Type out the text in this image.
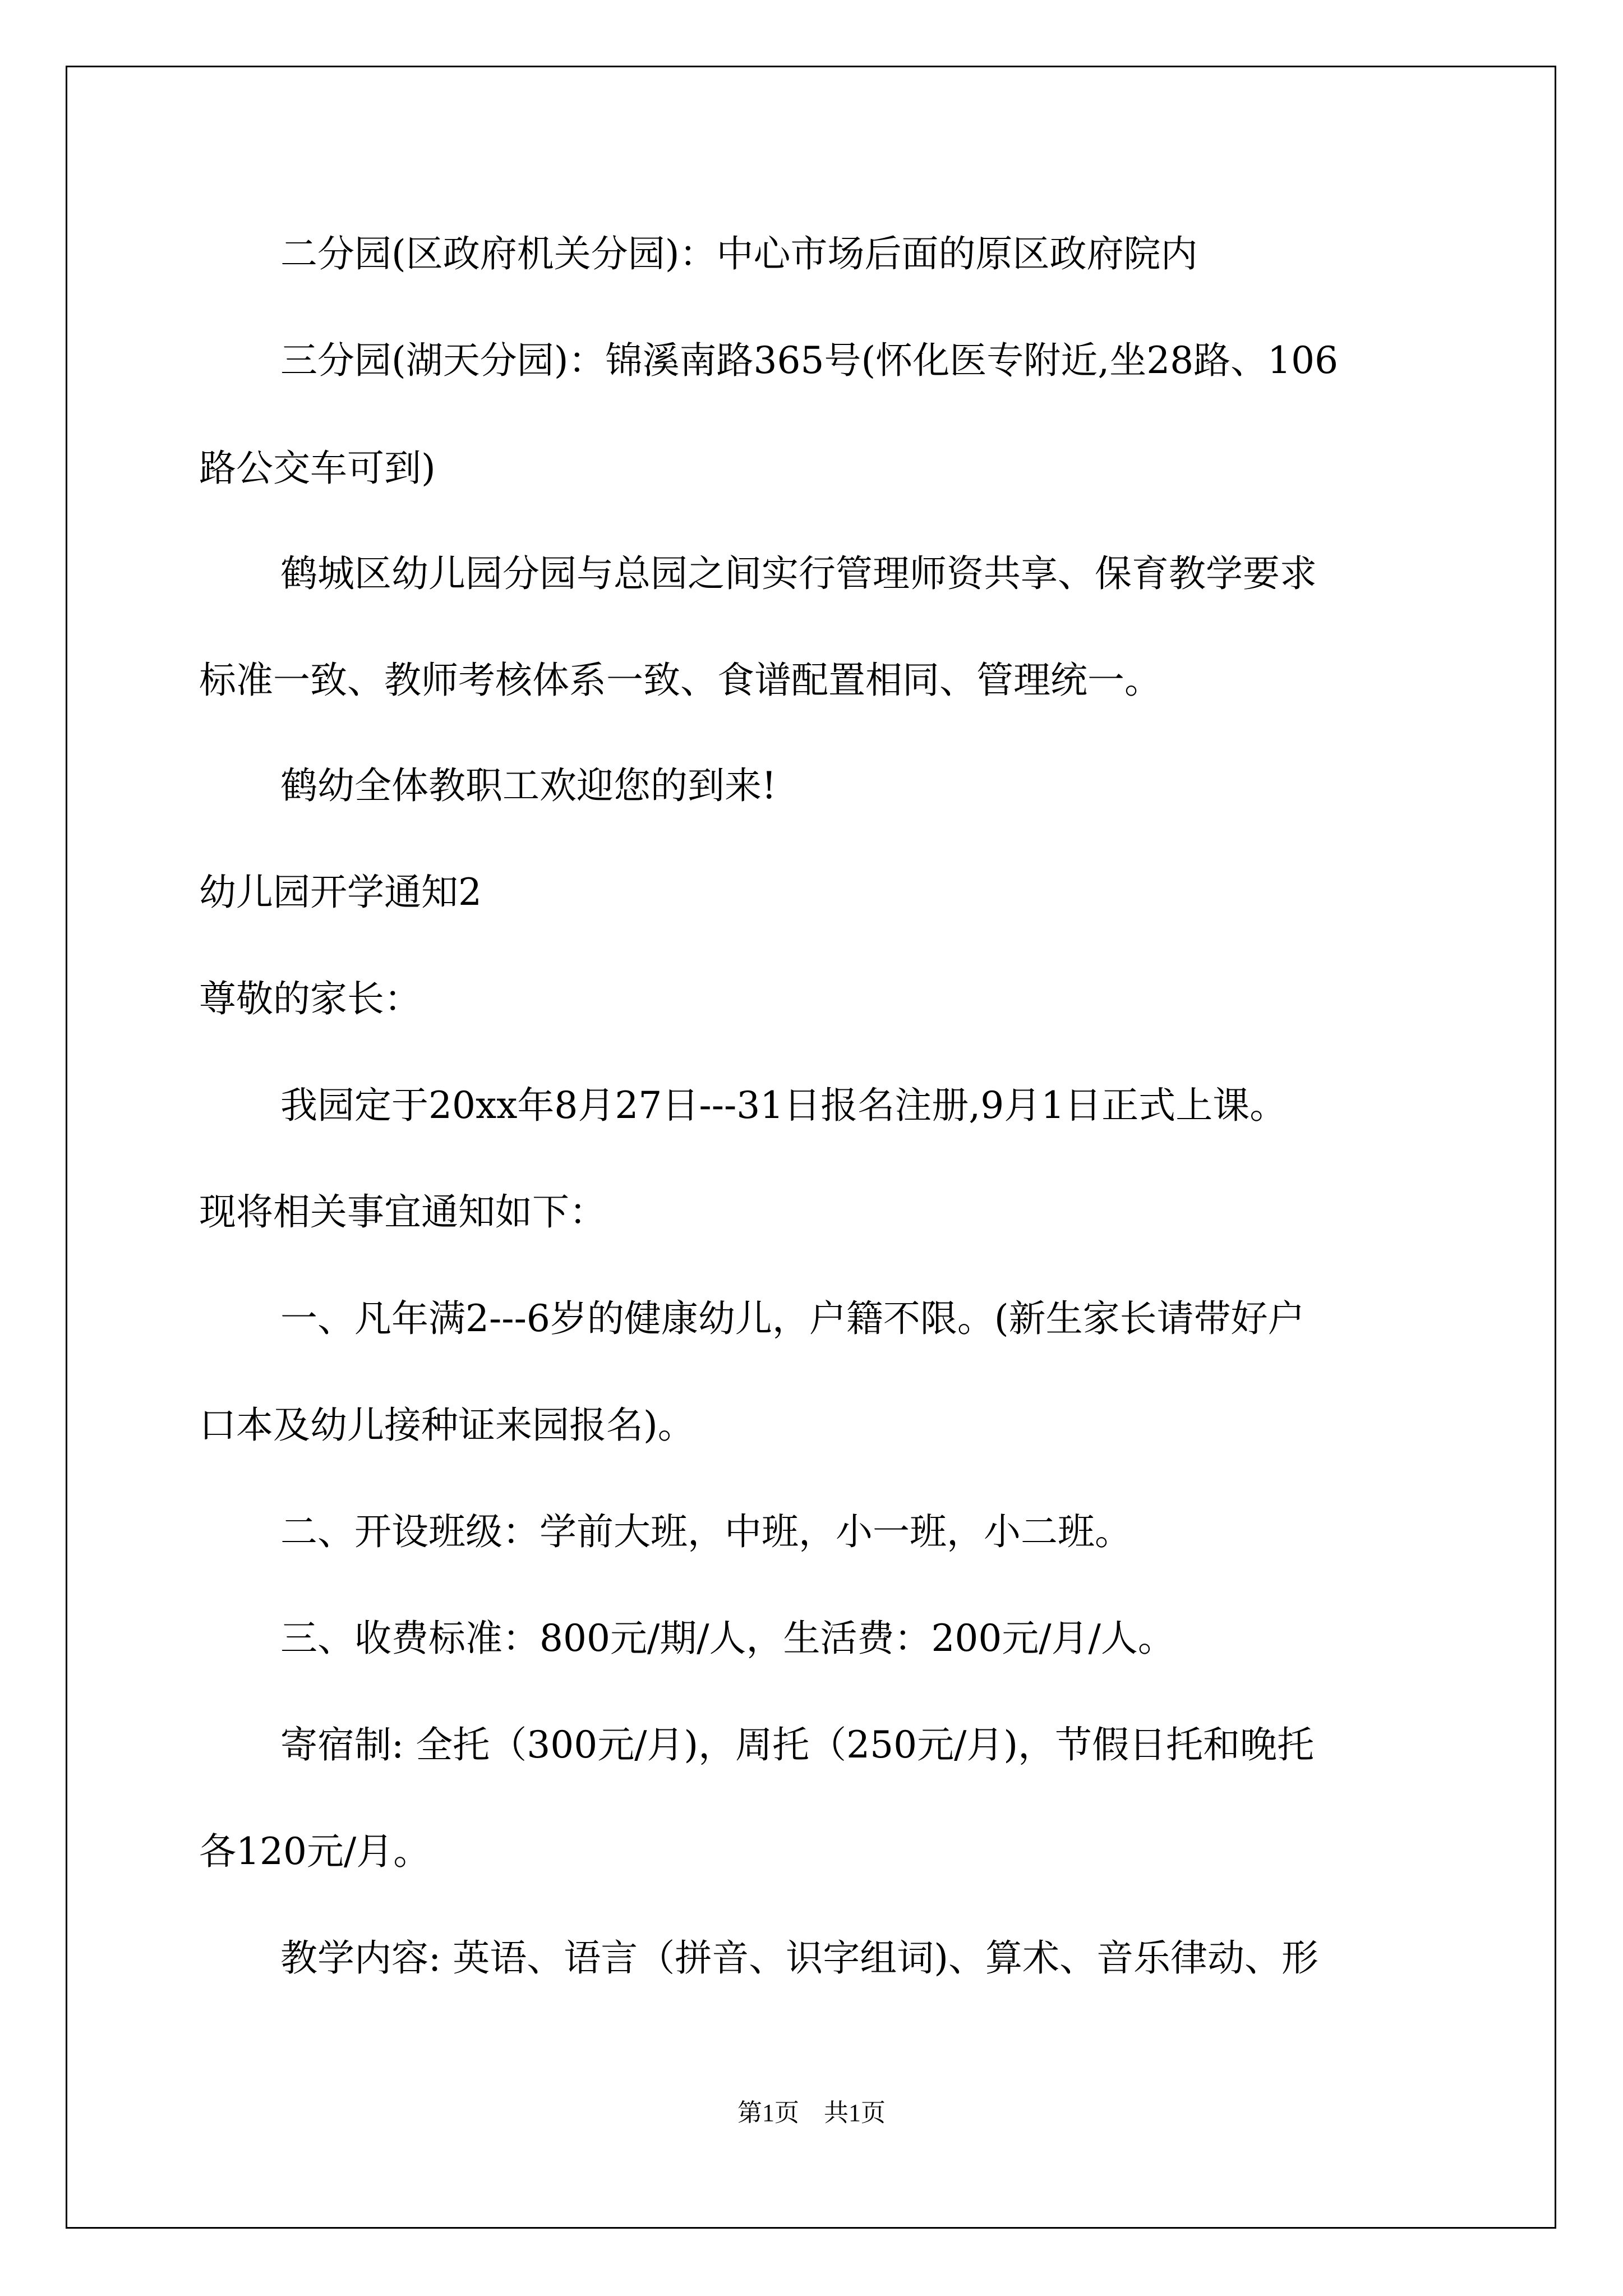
二分园(区政府机关分园)：中心市场后面的原区政府院内
三分园(湖天分园)：锦溪南路365号(怀化医专附近,坐28路、106
路公交车可到)
鹤城区幼儿园分园与总园之间实行管理师资共享、保育教学要求
标准一致、教师考核体系一致、食谱配置相同、管理统一。
鹤幼全体教职工欢迎您的到来!
幼儿园开学通知2
尊敬的家长：
我园定于20xx年8月27日---31日报名注册,9月1日正式上课。
现将相关事宜通知如下：
一、凡年满2---6岁的健康幼儿，户籍不限。(新生家长请带好户
口本及幼儿接种证来园报名)。
二、开设班级：学前大班，中班，小一班，小二班。
三、收费标准：800元/期/人，生活费：200元/月/人。
寄宿制: 全托（300元/月)，周托（250元/月)，节假日托和晚托
各120元/月。
教学内容: 英语、语言（拼音、识字组词)、算术、音乐律动、形
第1页　共1页
